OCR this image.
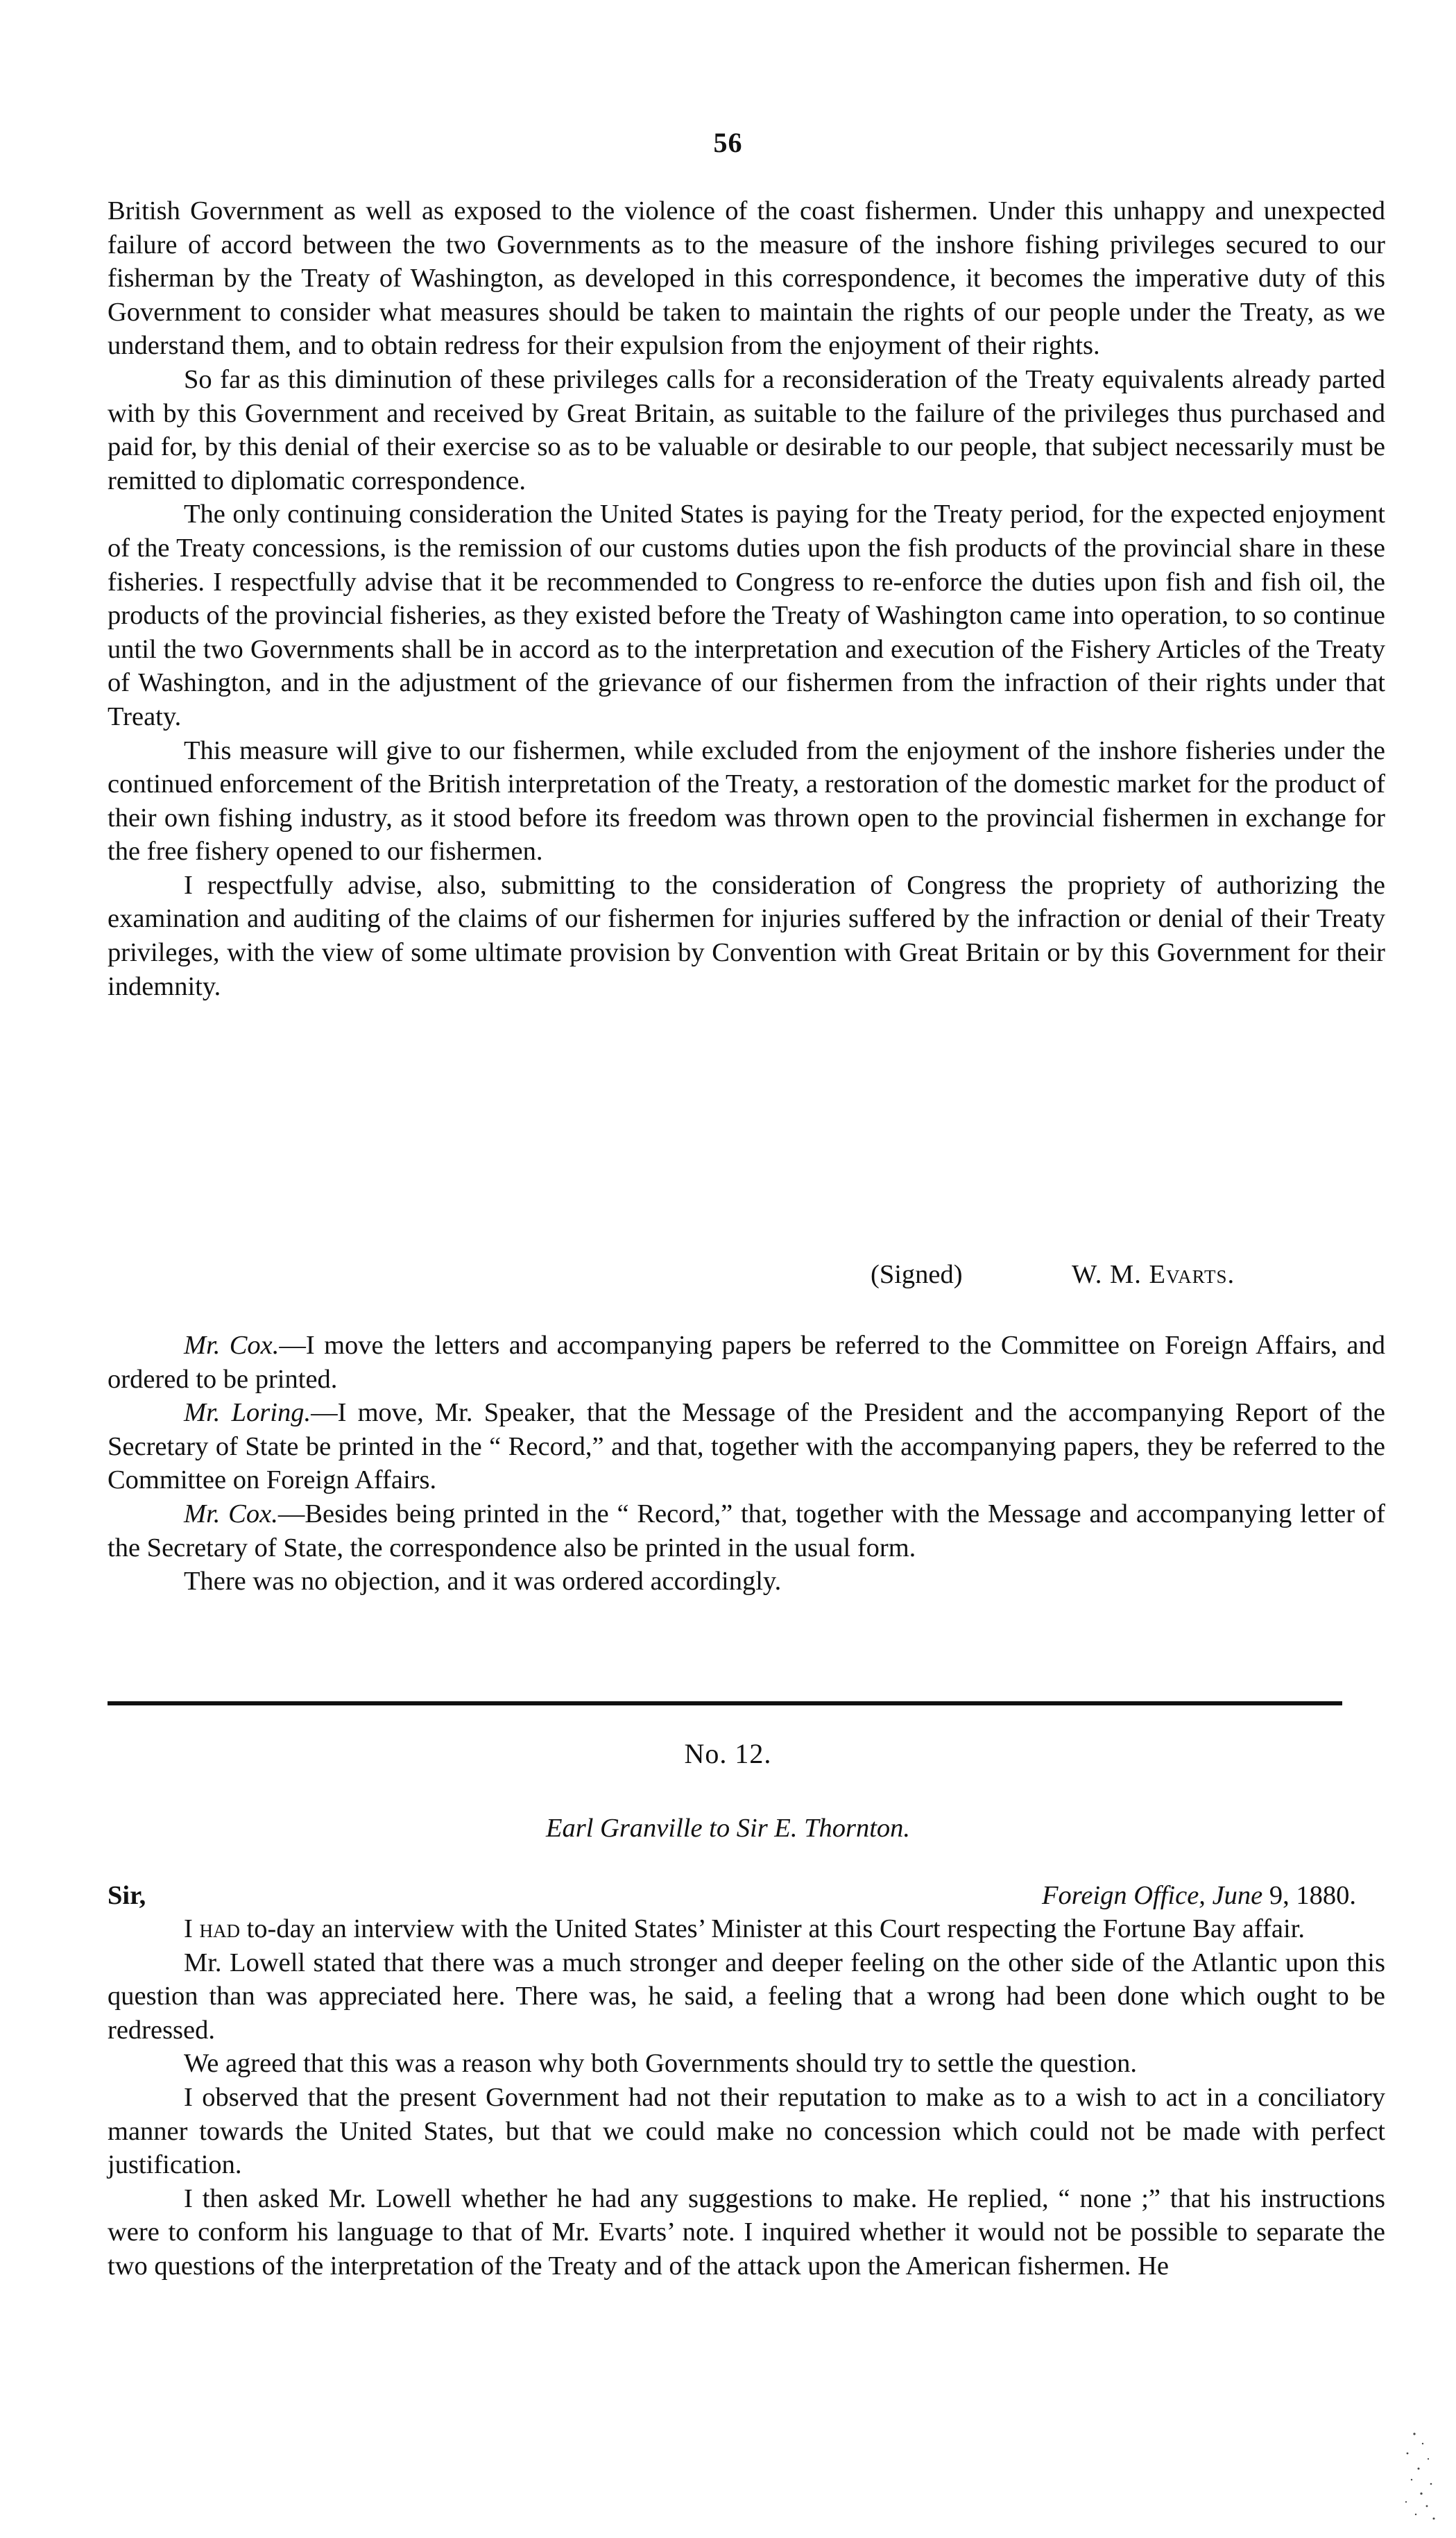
56

British Government as well as exposed to the violence of the coast fishermen. Under this unhappy and unexpected failure of accord between the two Governments as to the measure of the inshore fishing privileges secured to our fisherman by the Treaty of Washington, as developed in this correspondence, it becomes the imperative duty of this Government to consider what measures should be taken to maintain the rights of our people under the Treaty, as we understand them, and to obtain redress for their expulsion from the enjoyment of their rights.

So far as this diminution of these privileges calls for a reconsideration of the Treaty equivalents already parted with by this Government and received by Great Britain, as suitable to the failure of the privileges thus purchased and paid for, by this denial of their exercise so as to be valuable or desirable to our people, that subject necessarily must be remitted to diplomatic correspondence.

The only continuing consideration the United States is paying for the Treaty period, for the expected enjoyment of the Treaty concessions, is the remission of our customs duties upon the fish products of the provincial share in these fisheries. I respectfully advise that it be recommended to Congress to re-enforce the duties upon fish and fish oil, the products of the provincial fisheries, as they existed before the Treaty of Washington came into operation, to so continue until the two Governments shall be in accord as to the interpretation and execution of the Fishery Articles of the Treaty of Washington, and in the adjustment of the grievance of our fishermen from the infraction of their rights under that Treaty.

This measure will give to our fishermen, while excluded from the enjoyment of the inshore fisheries under the continued enforcement of the British interpretation of the Treaty, a restoration of the domestic market for the product of their own fishing industry, as it stood before its freedom was thrown open to the provincial fishermen in exchange for the free fishery opened to our fishermen.

I respectfully advise, also, submitting to the consideration of Congress the propriety of authorizing the examination and auditing of the claims of our fishermen for injuries suffered by the infraction or denial of their Treaty privileges, with the view of some ultimate provision by Convention with Great Britain or by this Government for their indemnity.

(Signed)	W. M. Evarts.

Mr. Cox.—I move the letters and accompanying papers be referred to the Committee on Foreign Affairs, and ordered to be printed.

Mr. Loring.—I move, Mr. Speaker, that the Message of the President and the accompanying Report of the Secretary of State be printed in the “ Record,” and that, together with the accompanying papers, they be referred to the Committee on Foreign Affairs.

Mr. Cox.—Besides being printed in the “ Record,” that, together with the Message and accompanying letter of the Secretary of State, the correspondence also be printed in the usual form.

There was no objection, and it was ordered accordingly.

No. 12.
Earl Granville to Sir E. Thornton.
Sir,	Foreign Office, June 9, 1880.

I had to-day an interview with the United States’ Minister at this Court respecting the Fortune Bay affair.

Mr. Lowell stated that there was a much stronger and deeper feeling on the other side of the Atlantic upon this question than was appreciated here. There was, he said, a feeling that a wrong had been done which ought to be redressed.

We agreed that this was a reason why both Governments should try to settle the question.

I observed that the present Government had not their reputation to make as to a wish to act in a conciliatory manner towards the United States, but that we could make no concession which could not be made with perfect justification.

I then asked Mr. Lowell whether he had any suggestions to make. He replied, “ none ;” that his instructions were to conform his language to that of Mr. Evarts’ note. I inquired whether it would not be possible to separate the two questions of the interpretation of the Treaty and of the attack upon the American fishermen. He
